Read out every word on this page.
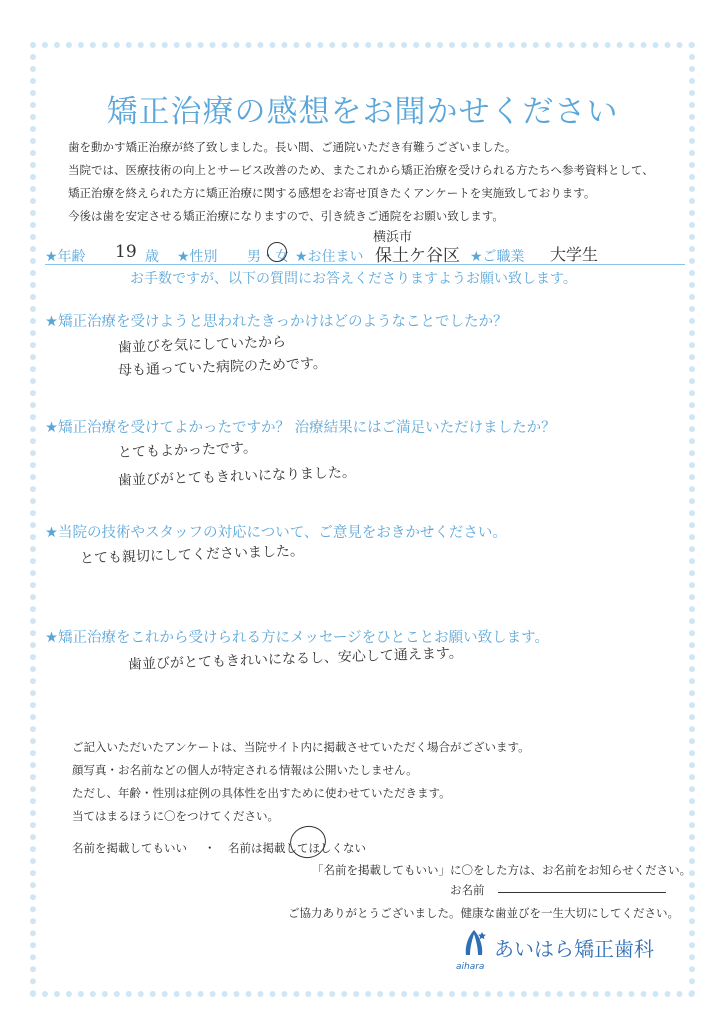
矯正治療の感想をお聞かせください
歯を動かす矯正治療が終了致しました。長い間、ご通院いただき有難うございました。
当院では、医療技術の向上とサービス改善のため、またこれから矯正治療を受けられる方たちへ参考資料として、
矯正治療を終えられた方に矯正治療に関する感想をお寄せ頂きたくアンケートを実施致しております。
今後は歯を安定させる矯正治療になりますので、引き続きご通院をお願い致します。
★年齢 19 歳 ★性別 男・女 ★お住まい
横浜市
保土ケ谷区 ★ご職業 大学生
お手数ですが、以下の質問にお答えくださりますようお願い致します。
★矯正治療を受けようと思われたきっかけはどのようなことでしたか？
歯並びを気にしていたから
母も通っていた病院のためです。
★矯正治療を受けてよかったですか？ 治療結果にはご満足いただけましたか？
とてもよかったです。
歯並びがとてもきれいになりました。
★当院の技術やスタッフの対応について、ご意見をおきかせください。
とても親切にしてくださいました。
★矯正治療をこれから受けられる方にメッセージをひとことお願い致します。
歯並びがとてもきれいになるし、安心して通えます。
ご記入いただいたアンケートは、当院サイト内に掲載させていただく場合がございます。
顔写真・お名前などの個人が特定される情報は公開いたしません。
ただし、年齢・性別は症例の具体性を出すために使わせていただきます。
当てはまるほうに〇をつけてください。
名前を掲載してもいい ・ 名前は掲載してほしくない
「名前を掲載してもいい」に〇をした方は、お名前をお知らせください。
お名前
ご協力ありがとうございました。健康な歯並びを一生大切にしてください。
あいはら矯正歯科
aihara
